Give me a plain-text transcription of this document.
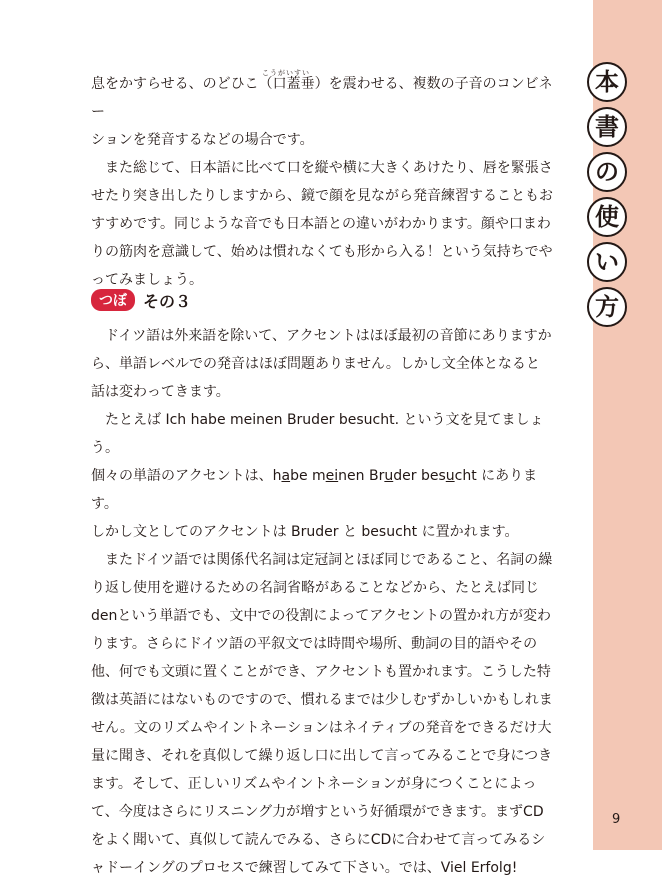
本
書
の
使
い
方
こうがいすい

息をかすらせる、のどひこ（口蓋垂）を震わせる、複数の子音のコンビネー

ションを発音するなどの場合です。

また総じて、日本語に比べて口を縦や横に大きくあけたり、唇を緊張させたり突き出したりしますから、鏡で顔を見ながら発音練習することもおすすめです。同じような音でも日本語との違いがわかります。顔や口まわりの筋肉を意識して、始めは慣れなくても形から入る！という気持ちでやってみましょう。

つぼ	その３

ドイツ語は外来語を除いて、アクセントはほぼ最初の音節にありますから、単語レベルでの発音はほぼ問題ありません。しかし文全体となると話は変わってきます。

たとえば Ich habe meinen Bruder besucht. という文を見てましょう。

個々の単語のアクセントは、habe meinen Bruder besucht にあります。

しかし文としてのアクセントは Bruder と besucht に置かれます。

またドイツ語では関係代名詞は定冠詞とほぼ同じであること、名詞の繰り返し使用を避けるための名詞省略があることなどから、たとえば同じdenという単語でも、文中での役割によってアクセントの置かれ方が変わります。さらにドイツ語の平叙文では時間や場所、動詞の目的語やその他、何でも文頭に置くことができ、アクセントも置かれます。こうした特徴は英語にはないものですので、慣れるまでは少しむずかしいかもしれません。文のリズムやイントネーションはネイティブの発音をできるだけ大量に聞き、それを真似して繰り返し口に出して言ってみることで身につきます。そして、正しいリズムやイントネーションが身につくことによって、今度はさらにリスニング力が増すという好循環ができます。まずCDをよく聞いて、真似して読んでみる、さらにCDに合わせて言ってみるシャドーイングのプロセスで練習してみて下さい。では、Viel Erfolg!

9
